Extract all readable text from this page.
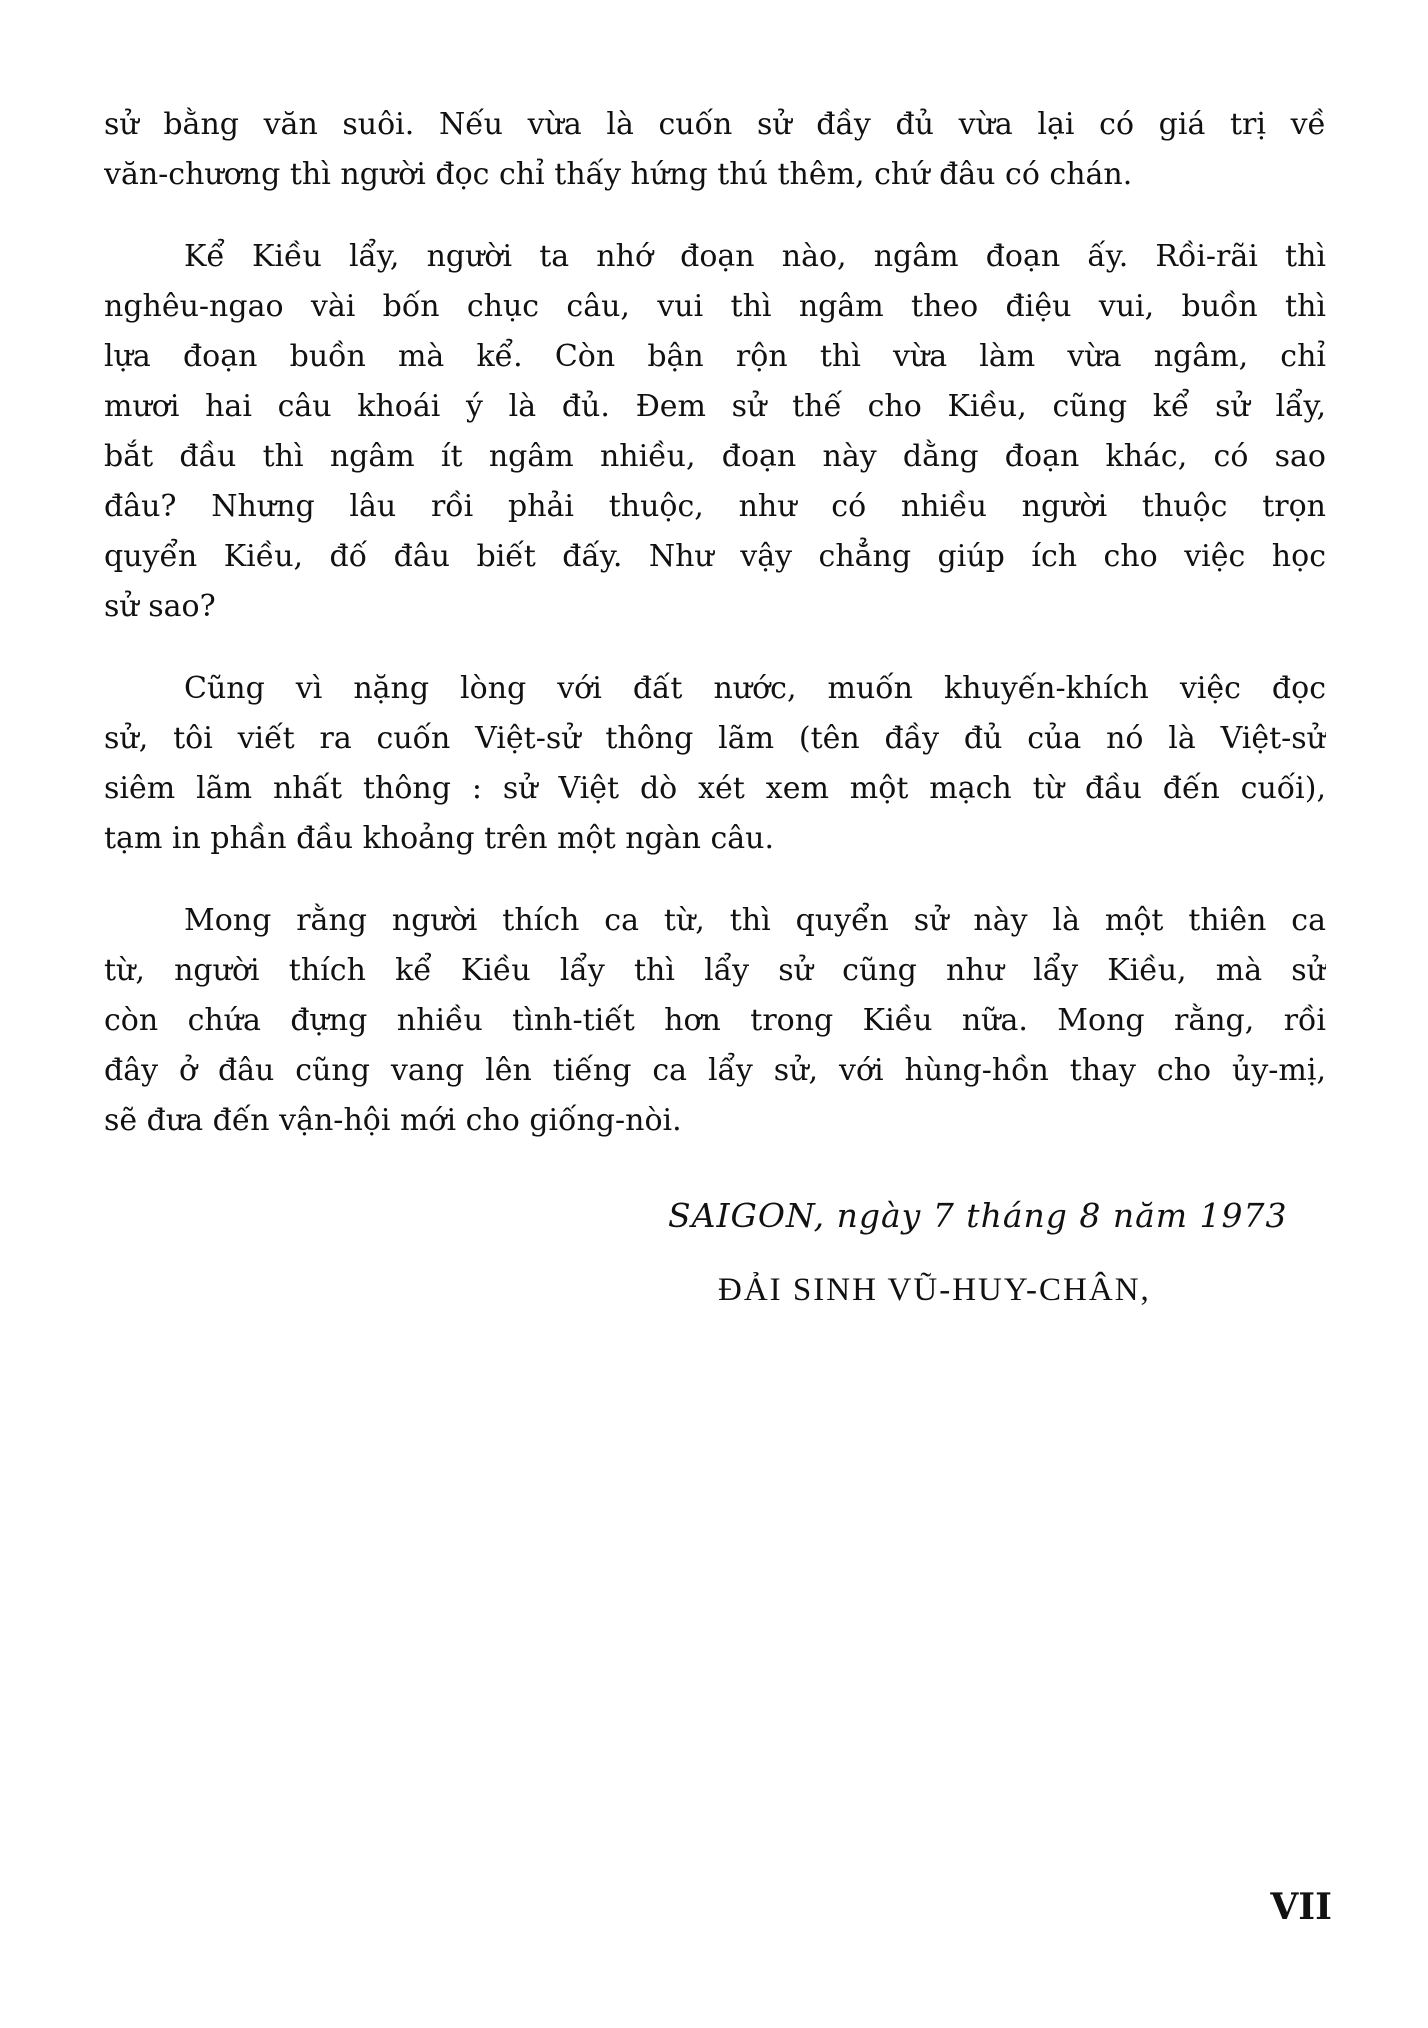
sử bằng văn suôi. Nếu vừa là cuốn sử đầy đủ vừa lại có giá trị về
văn-chương thì người đọc chỉ thấy hứng thú thêm, chứ đâu có chán.
Kể Kiều lẩy, người ta nhớ đoạn nào, ngâm đoạn ấy. Rồi-rãi thì
nghêu-ngao vài bốn chục câu, vui thì ngâm theo điệu vui, buồn thì
lựa đoạn buồn mà kể. Còn bận rộn thì vừa làm vừa ngâm, chỉ
mươi hai câu khoái ý là đủ. Đem sử thế cho Kiều, cũng kể sử lẩy,
bắt đầu thì ngâm ít ngâm nhiều, đoạn này dằng đoạn khác, có sao
đâu? Nhưng lâu rồi phải thuộc, như có nhiều người thuộc trọn
quyển Kiều, đố đâu biết đấy. Như vậy chẳng giúp ích cho việc học
sử sao?
Cũng vì nặng lòng với đất nước, muốn khuyến-khích việc đọc
sử, tôi viết ra cuốn Việt-sử thông lãm (tên đầy đủ của nó là Việt-sử
siêm lãm nhất thông : sử Việt dò xét xem một mạch từ đầu đến cuối),
tạm in phần đầu khoảng trên một ngàn câu.
Mong rằng người thích ca từ, thì quyển sử này là một thiên ca
từ, người thích kể Kiều lẩy thì lẩy sử cũng như lẩy Kiều, mà sử
còn chứa đựng nhiều tình-tiết hơn trong Kiều nữa. Mong rằng, rồi
đây ở đâu cũng vang lên tiếng ca lẩy sử, với hùng-hồn thay cho ủy-mị,
sẽ đưa đến vận-hội mới cho giống-nòi.
SAIGON, ngày 7 tháng 8 năm 1973
ĐẢI SINH VŨ-HUY-CHÂN,
VII
